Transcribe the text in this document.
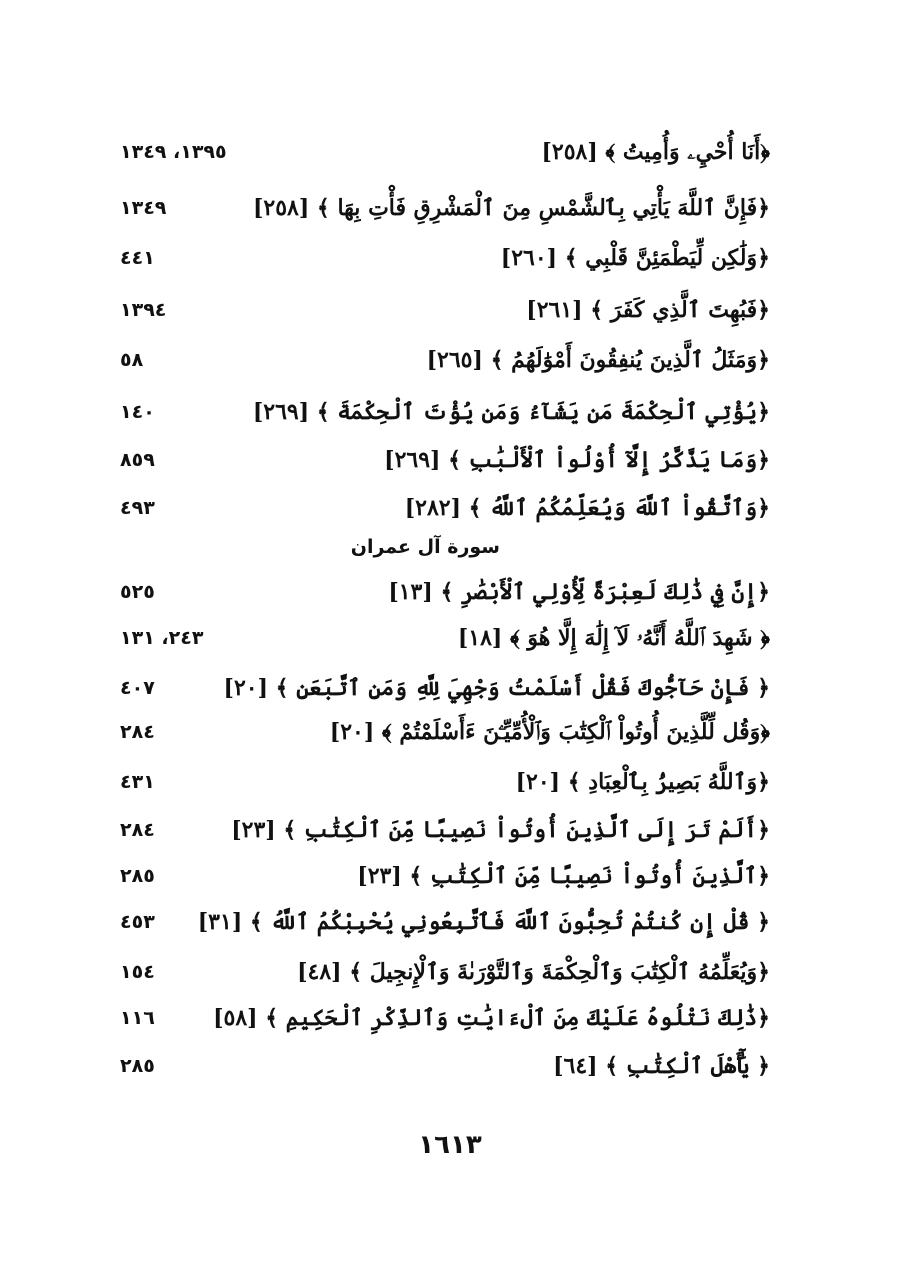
١٣٩٥، ١٣٤٩	﴿أَنَا أُحْيِۦ وَأُمِيتُ ﴾ [٢٥٨]
١٣٤٩	﴿فَإِنَّ ٱللَّهَ يَأْتِي بِٱلشَّمْسِ مِنَ ٱلْمَشْرِقِ فَأْتِ بِهَا ﴾ [٢٥٨]
٤٤١	﴿وَلَٰكِن لِّيَطْمَئِنَّ قَلْبِي ﴾ [٢٦٠]
١٣٩٤	﴿فَبُهِتَ ٱلَّذِي كَفَرَ ﴾ [٢٦١]
٥٨	﴿وَمَثَلُ ٱلَّذِينَ يُنفِقُونَ أَمْوَٰلَهُمُ ﴾ [٢٦٥]
١٤٠	﴿يُؤْتِي ٱلْحِكْمَةَ مَن يَشَآءُ وَمَن يُؤْتَ ٱلْحِكْمَةَ ﴾ [٢٦٩]
٨٥٩	﴿وَمَا يَذَّكَّرُ إِلَّآ أُوْلُواْ ٱلْأَلْبَٰبِ ﴾ [٢٦٩]
٤٩٣	﴿وَٱتَّقُواْ ٱللَّهَ وَيُعَلِّمُكُمُ ٱللَّهُ ﴾ [٢٨٢]
سورة آل عمران
٥٢٥	﴿إِنَّ فِي ذَٰلِكَ لَعِبْرَةً لِّأُوْلِي ٱلْأَبْصَٰرِ ﴾ [١٣]
٢٤٣، ١٣١	﴿ شَهِدَ ٱللَّهُ أَنَّهُۥ لَآ إِلَٰهَ إِلَّا هُوَ ﴾ [١٨]
٤٠٧	﴿ فَإِنْ حَآجُّوكَ فَقُلْ أَسْلَمْتُ وَجْهِيَ لِلَّهِ وَمَنِ ٱتَّبَعَنِ ﴾ [٢٠]
٢٨٤	﴿وَقُل لِّلَّذِينَ أُوتُواْ ٱلْكِتَٰبَ وَٱلْأُمِّيِّـۧنَ ءَأَسْلَمْتُمْ ﴾ [٢٠]
٤٣١	﴿وَٱللَّهُ بَصِيرُۢ بِٱلْعِبَادِ ﴾ [٢٠]
٢٨٤	﴿أَلَمْ تَرَ إِلَى ٱلَّذِينَ أُوتُواْ نَصِيبًا مِّنَ ٱلْكِتَٰبِ ﴾ [٢٣]
٢٨٥	﴿ٱلَّذِينَ أُوتُواْ نَصِيبًا مِّنَ ٱلْكِتَٰبِ ﴾ [٢٣]
٤٥٣ ﴿ قُلْ إِن كُنتُمْ تُحِبُّونَ ٱللَّهَ فَٱتَّبِعُونِي يُحْبِبْكُمُ ٱللَّهُ ﴾ [٣١]
١٥٤	﴿وَيُعَلِّمُهُ ٱلْكِتَٰبَ وَٱلْحِكْمَةَ وَٱلتَّوْرَىٰةَ وَٱلْإِنجِيلَ ﴾ [٤٨]
١١٦	﴿ذَٰلِكَ نَتْلُوهُ عَلَيْكَ مِنَ ٱلْءَايَٰتِ وَٱلذِّكْرِ ٱلْحَكِيمِ ﴾ [٥٨]
٢٨٥	﴿ يَٰٓأَهْلَ ٱلْكِتَٰبِ ﴾ [٦٤]
١٦١٣
